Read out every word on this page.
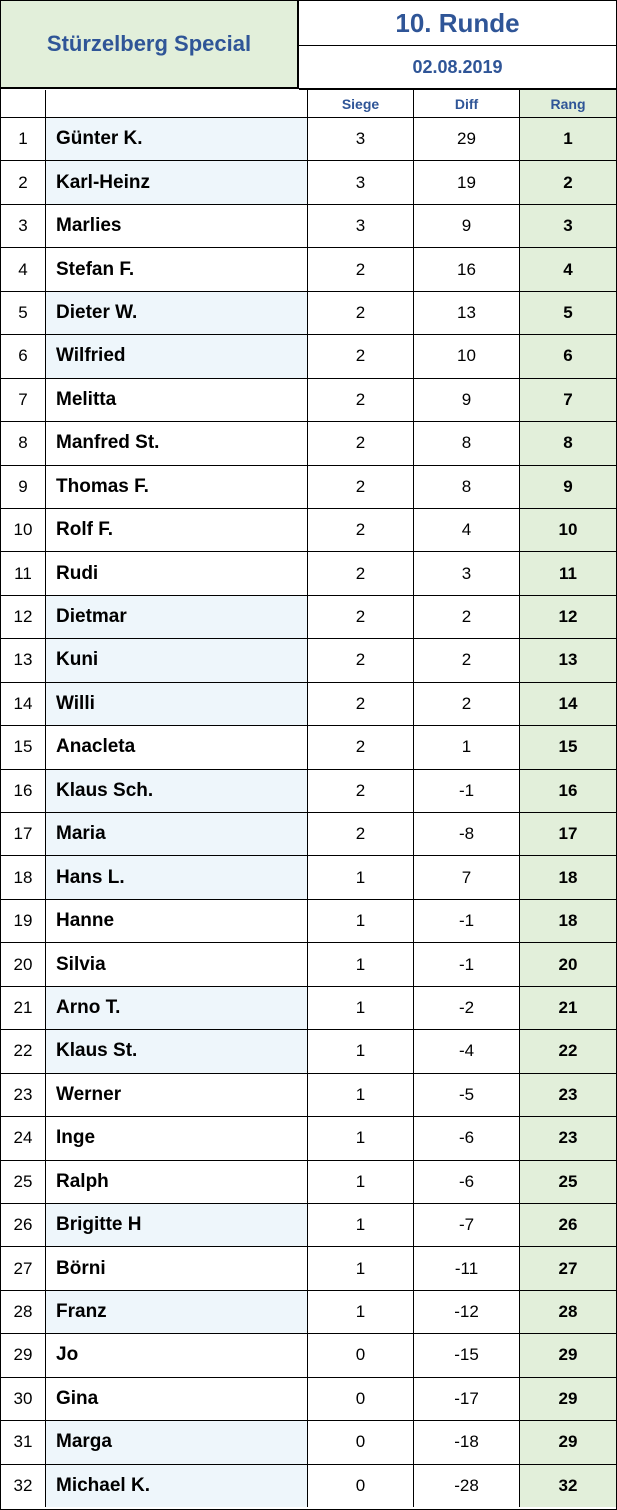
Stürzelberg Special
10. Runde
02.08.2019
		Siege	Diff	Rang
1	Günter K.	3	29	1
2	Karl-Heinz	3	19	2
3	Marlies	3	9	3
4	Stefan F.	2	16	4
5	Dieter W.	2	13	5
6	Wilfried	2	10	6
7	Melitta	2	9	7
8	Manfred St.	2	8	8
9	Thomas F.	2	8	9
10	Rolf F.	2	4	10
11	Rudi	2	3	11
12	Dietmar	2	2	12
13	Kuni	2	2	13
14	Willi	2	2	14
15	Anacleta	2	1	15
16	Klaus Sch.	2	-1	16
17	Maria	2	-8	17
18	Hans L.	1	7	18
19	Hanne	1	-1	18
20	Silvia	1	-1	20
21	Arno T.	1	-2	21
22	Klaus St.	1	-4	22
23	Werner	1	-5	23
24	Inge	1	-6	23
25	Ralph	1	-6	25
26	Brigitte H	1	-7	26
27	Börni	1	-11	27
28	Franz	1	-12	28
29	Jo	0	-15	29
30	Gina	0	-17	29
31	Marga	0	-18	29
32	Michael K.	0	-28	32
